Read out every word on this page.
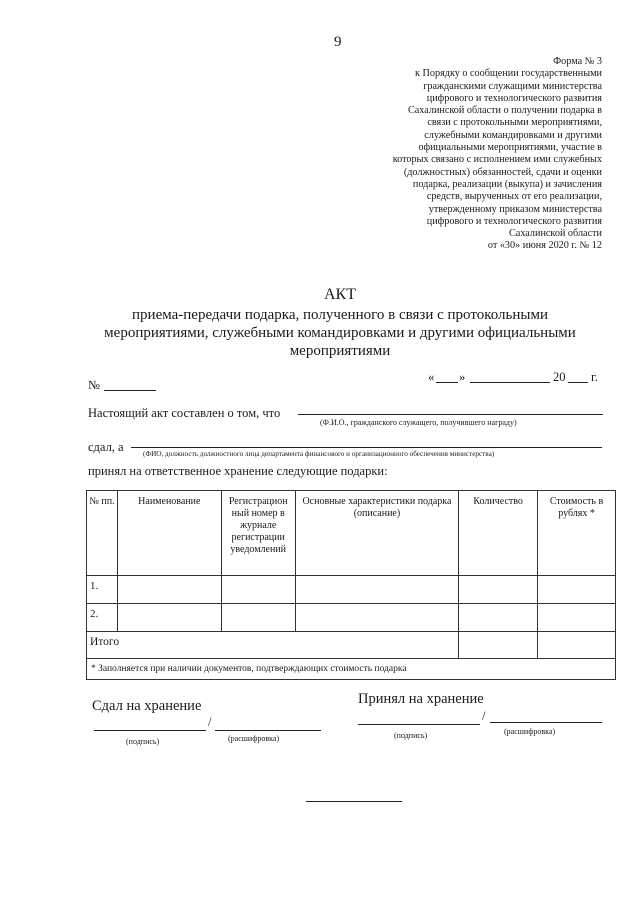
9
Форма № 3
к Порядку о сообщении государственными
гражданскими служащими министерства
цифрового и технологического развития
Сахалинской области о получении подарка в
связи с протокольными мероприятиями,
служебными командировками и другими
официальными мероприятиями, участие в
которых связано с исполнением ими служебных
(должностных) обязанностей, сдачи и оценки
подарка, реализации (выкупа) и зачисления
средств, вырученных от его реализации,
утвержденному приказом министерства
цифрового и технологического развития
Сахалинской области
от «30» июня 2020 г. № 12
АКТ
приема-передачи подарка, полученного в связи с протокольными
мероприятиями, служебными командировками и другими официальными
мероприятиями
№
« »	20 г.
Настоящий акт составлен о том, что
(Ф.И.О., гражданского служащего, получившего награду)
сдал, а	(ФИО, должность должностного лица департамента финансового и организационного обеспечения министерства)
принял на ответственное хранение следующие подарки:
№ пп.	Наименование	Регистрацион ный номер в журнале регистрации уведомлений	Основные характеристики подарка (описание)	Количество	Стоимость в рублях *
1.					
2.					
Итого					
* Заполняется при наличии документов, подтверждающих стоимость подарка					
Сдал на хранение
/
(подпись)	(расшифровка)
Принял на хранение
/
(подпись)	(расшифровка)
